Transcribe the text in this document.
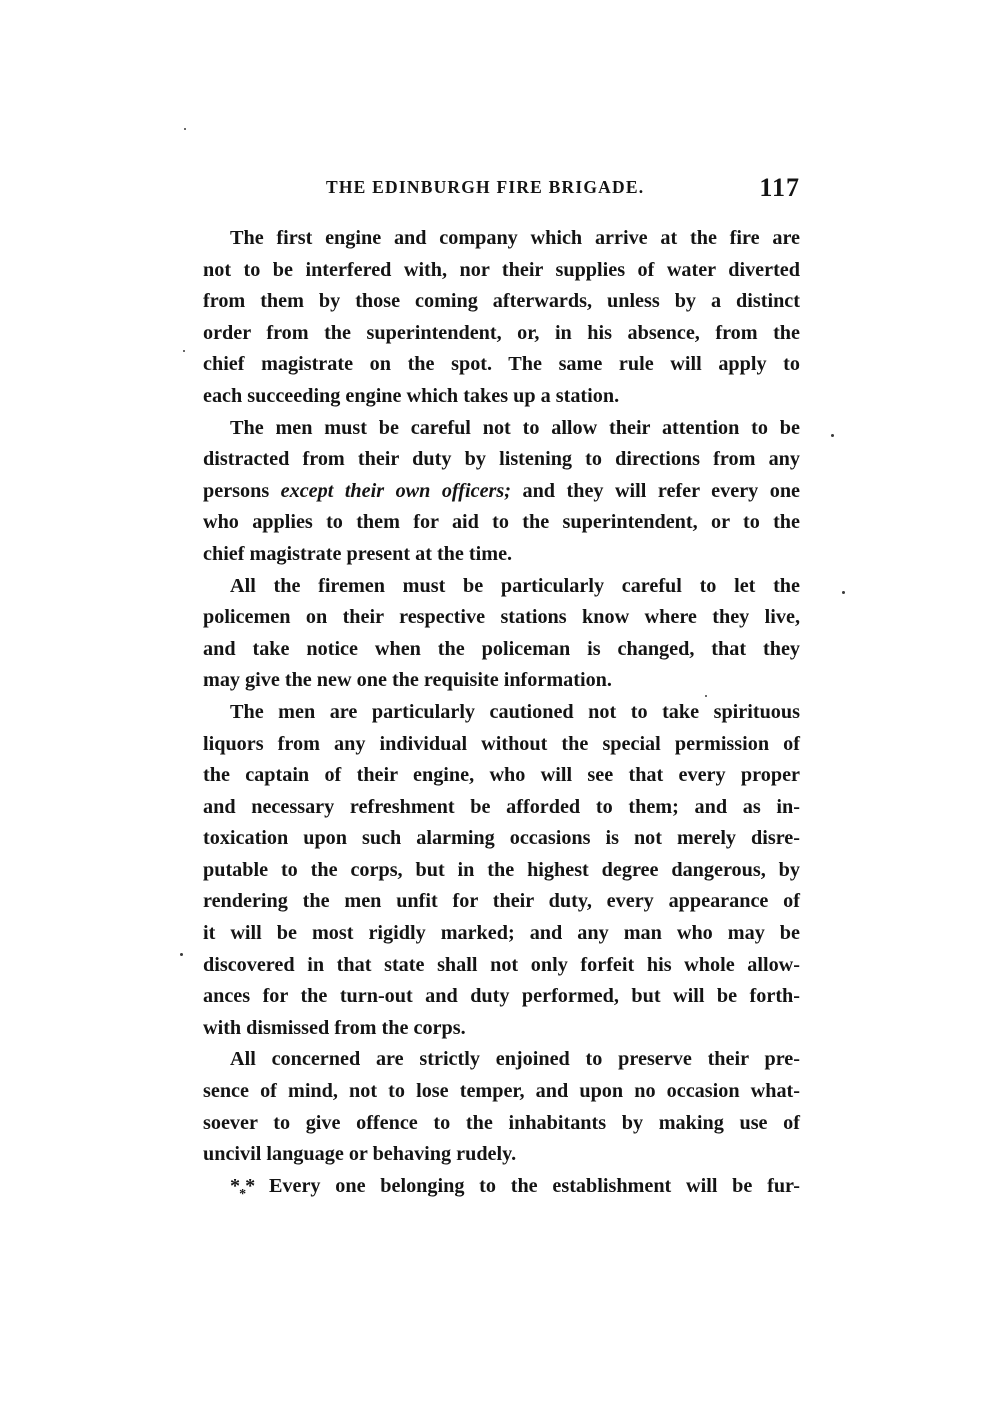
THE EDINBURGH FIRE BRIGADE.	117
The first engine and company which arrive at the fire are
not to be interfered with, nor their supplies of water diverted
from them by those coming afterwards, unless by a distinct
order from the superintendent, or, in his absence, from the
chief magistrate on the spot. The same rule will apply to
each succeeding engine which takes up a station.
The men must be careful not to allow their attention to be
distracted from their duty by listening to directions from any
persons except their own officers; and they will refer every one
who applies to them for aid to the superintendent, or to the
chief magistrate present at the time.
All the firemen must be particularly careful to let the
policemen on their respective stations know where they live,
and take notice when the policeman is changed, that they
may give the new one the requisite information.
The men are particularly cautioned not to take spirituous
liquors from any individual without the special permission of
the captain of their engine, who will see that every proper
and necessary refreshment be afforded to them; and as in-
toxication upon such alarming occasions is not merely disre-
putable to the corps, but in the highest degree dangerous, by
rendering the men unfit for their duty, every appearance of
it will be most rigidly marked; and any man who may be
discovered in that state shall not only forfeit his whole allow-
ances for the turn-out and duty performed, but will be forth-
with dismissed from the corps.
All concerned are strictly enjoined to preserve their pre-
sence of mind, not to lose temper, and upon no occasion what-
soever to give offence to the inhabitants by making use of
uncivil language or behaving rudely.
$*_**$ Every one belonging to the establishment will be fur-
